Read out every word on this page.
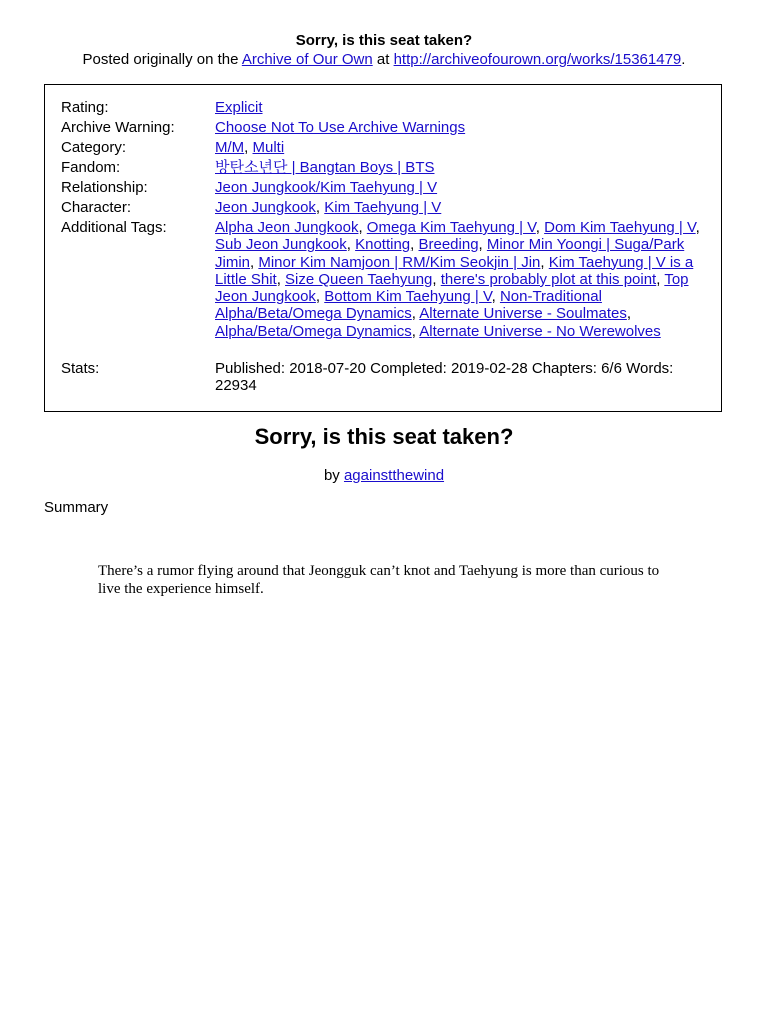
Sorry, is this seat taken?
Posted originally on the Archive of Our Own at http://archiveofourown.org/works/15361479.
Rating:	Explicit
Archive Warning:	Choose Not To Use Archive Warnings
Category:	M/M, Multi
Fandom:	방탄소년단 | Bangtan Boys | BTS
Relationship:	Jeon Jungkook/Kim Taehyung | V
Character:	Jeon Jungkook, Kim Taehyung | V
Additional Tags:	Alpha Jeon Jungkook, Omega Kim Taehyung | V, Dom Kim Taehyung | V, Sub Jeon Jungkook, Knotting, Breeding, Minor Min Yoongi | Suga/Park Jimin, Minor Kim Namjoon | RM/Kim Seokjin | Jin, Kim Taehyung | V is a Little Shit, Size Queen Taehyung, there's probably plot at this point, Top Jeon Jungkook, Bottom Kim Taehyung | V, Non-Traditional Alpha/Beta/Omega Dynamics, Alternate Universe - Soulmates, Alpha/Beta/Omega Dynamics, Alternate Universe - No Werewolves
Stats:	Published: 2018-07-20 Completed: 2019-02-28 Chapters: 6/6 Words: 22934
Sorry, is this seat taken?
by againstthewind
Summary
There’s a rumor flying around that Jeongguk can’t knot and Taehyung is more than curious to live the experience himself.
